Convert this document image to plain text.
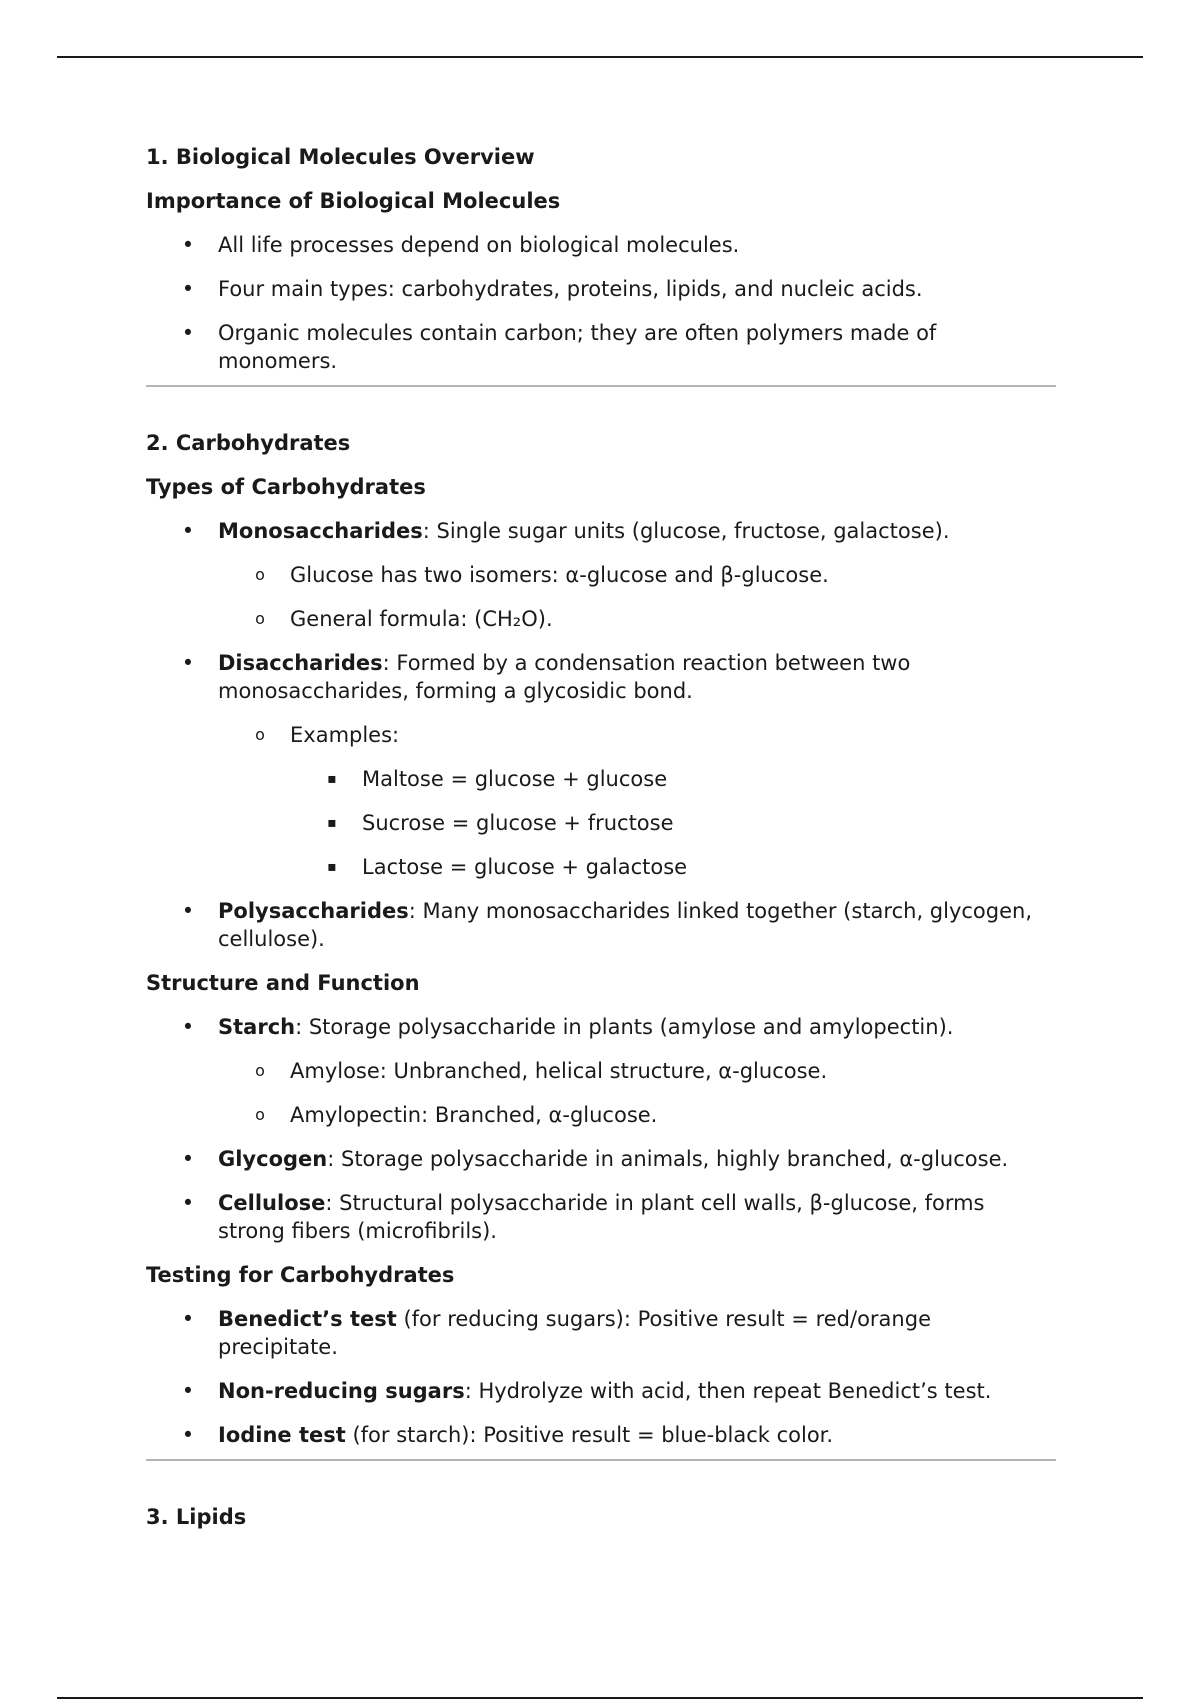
1. Biological Molecules Overview
Importance of Biological Molecules
• All life processes depend on biological molecules.
• Four main types: carbohydrates, proteins, lipids, and nucleic acids.
• Organic molecules contain carbon; they are often polymers made of monomers.
2. Carbohydrates
Types of Carbohydrates
• Monosaccharides: Single sugar units (glucose, fructose, galactose).
o	Glucose has two isomers: α-glucose and β-glucose.
o	General formula: (CH₂O).
• Disaccharides: Formed by a condensation reaction between two monosaccharides, forming a glycosidic bond.
o	Examples:
▪	Maltose = glucose + glucose
▪	Sucrose = glucose + fructose
▪	Lactose = glucose + galactose
• Polysaccharides: Many monosaccharides linked together (starch, glycogen, cellulose).
Structure and Function
• Starch: Storage polysaccharide in plants (amylose and amylopectin).
o	Amylose: Unbranched, helical structure, α-glucose.
o	Amylopectin: Branched, α-glucose.
• Glycogen: Storage polysaccharide in animals, highly branched, α-glucose.
• Cellulose: Structural polysaccharide in plant cell walls, β-glucose, forms strong fibers (microfibrils).
Testing for Carbohydrates
• Benedict’s test (for reducing sugars): Positive result = red/orange precipitate.
• Non-reducing sugars: Hydrolyze with acid, then repeat Benedict’s test.
• Iodine test (for starch): Positive result = blue-black color.
3. Lipids
